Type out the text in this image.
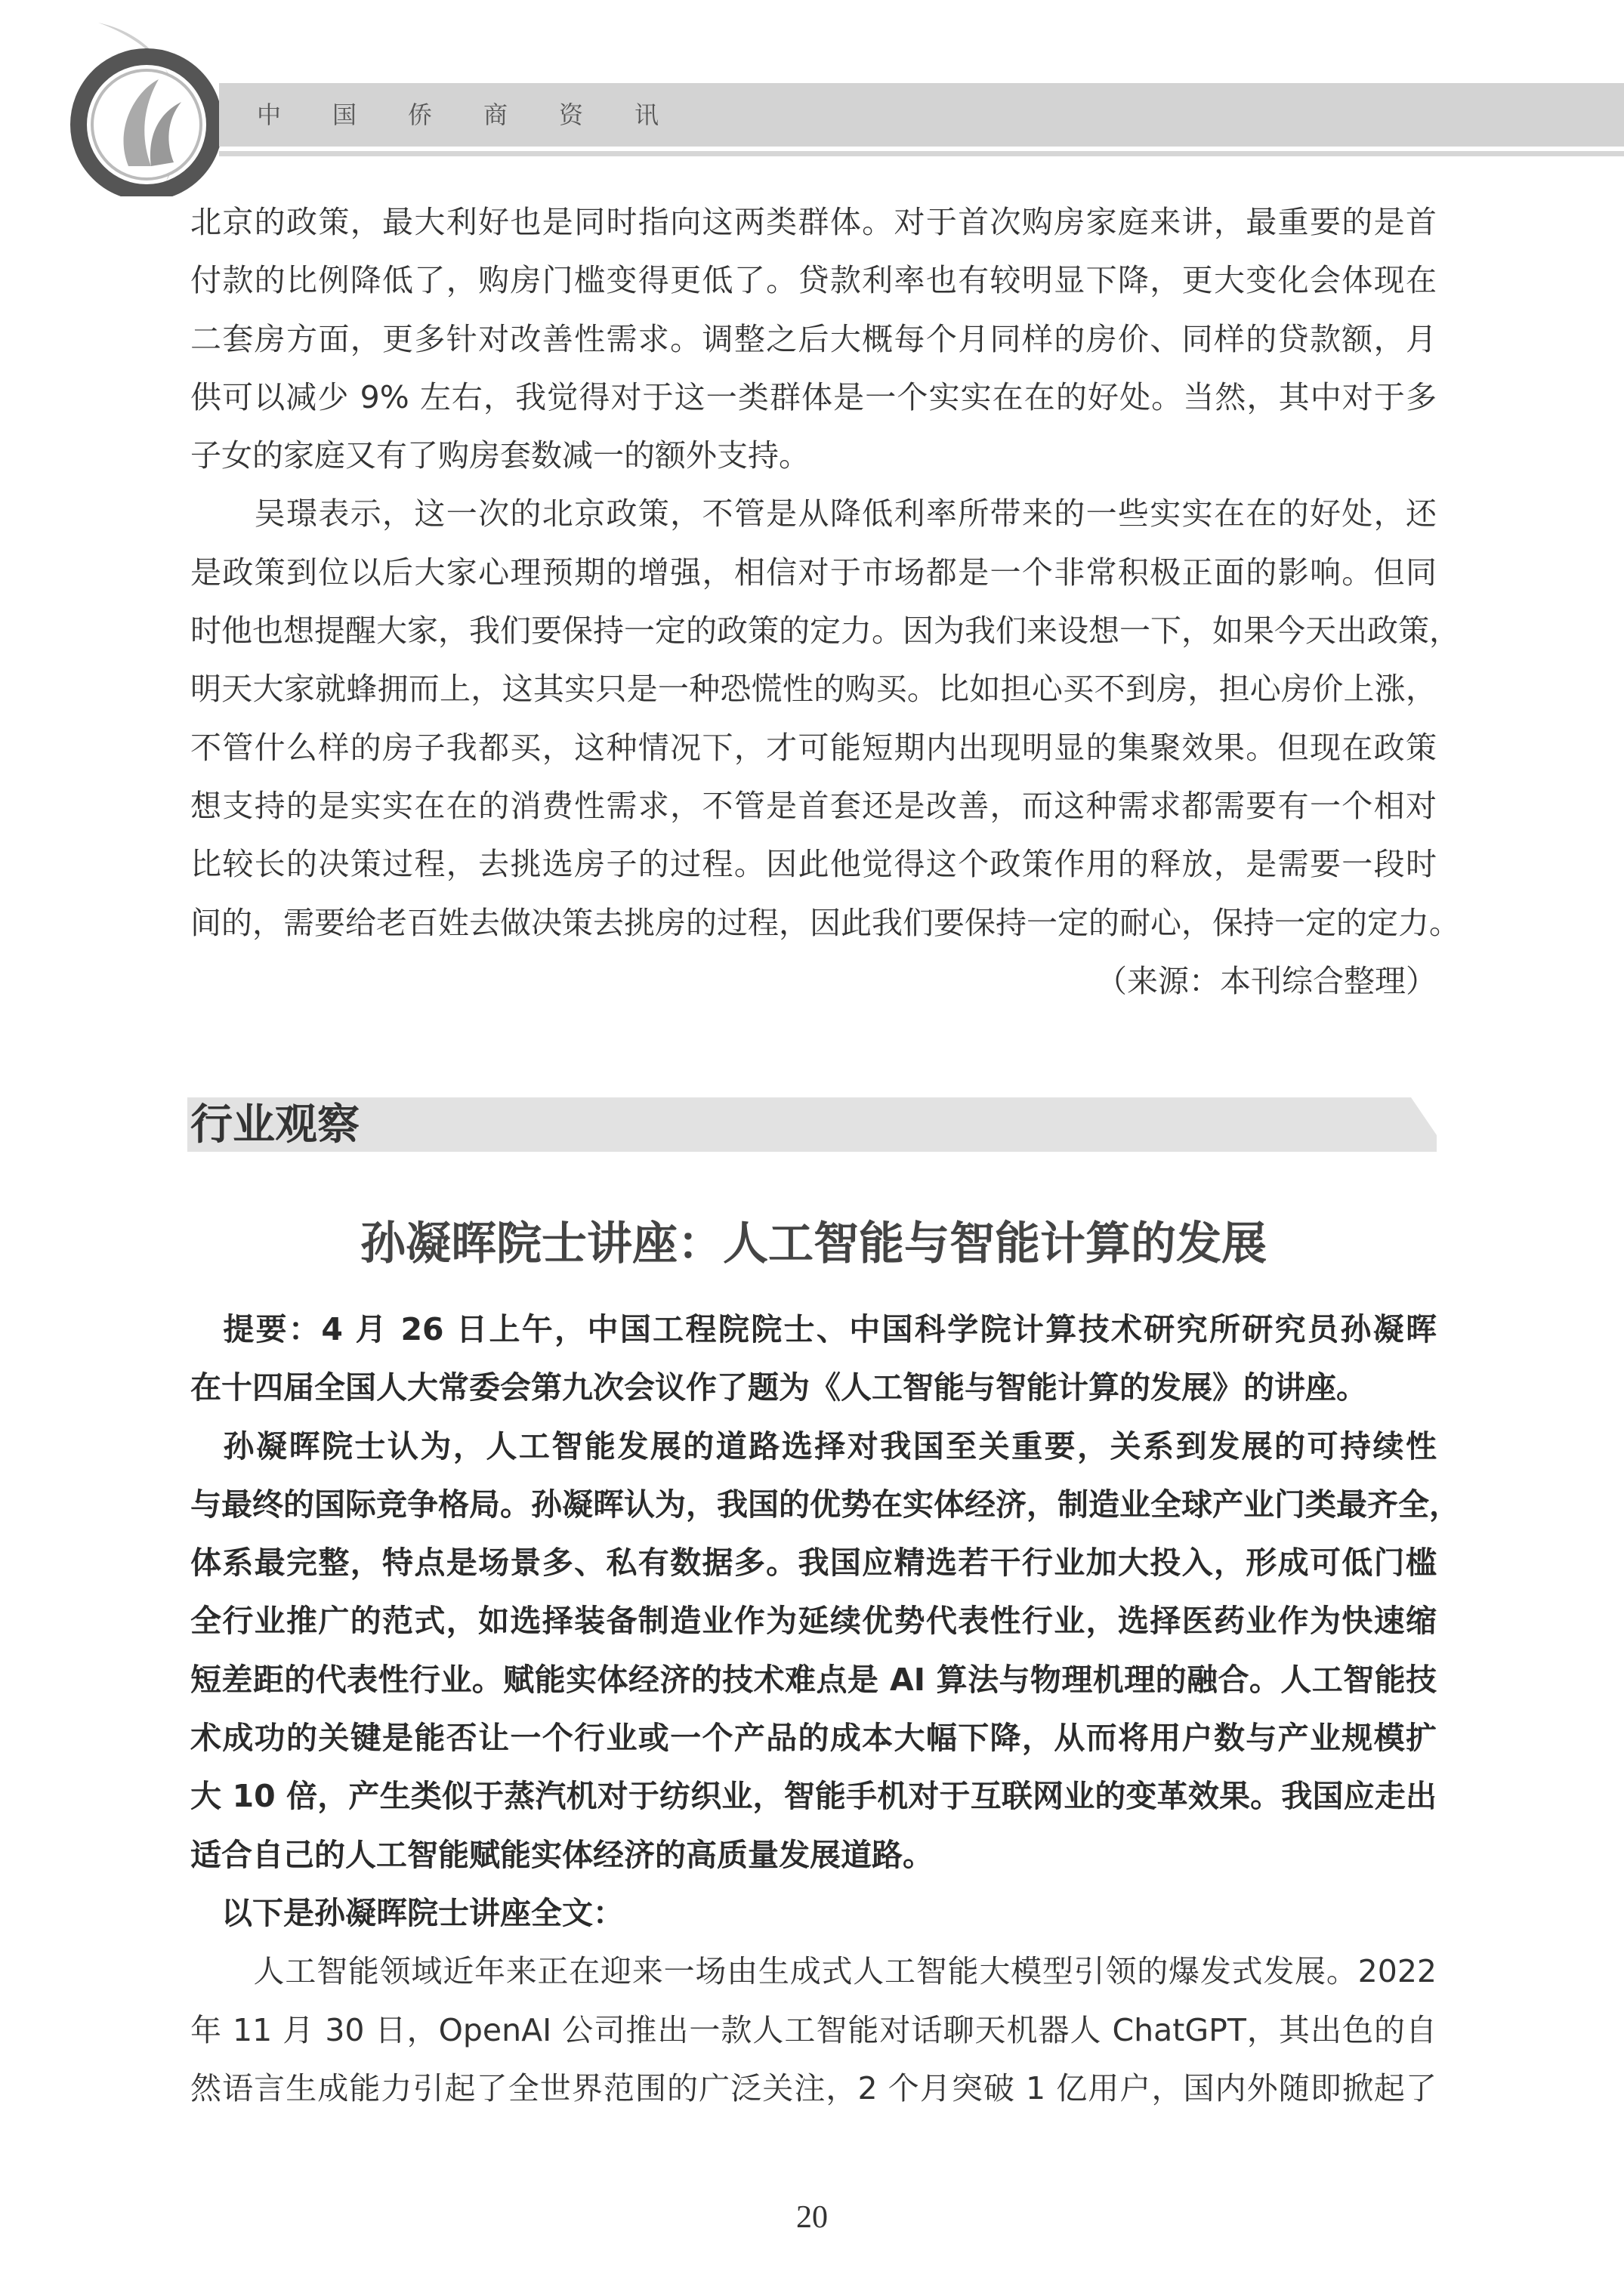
中国侨商资讯
北京的政策，最大利好也是同时指向这两类群体。对于首次购房家庭来讲，最重要的是首
付款的比例降低了，购房门槛变得更低了。贷款利率也有较明显下降，更大变化会体现在
二套房方面，更多针对改善性需求。调整之后大概每个月同样的房价、同样的贷款额，月
供可以减少 9% 左右，我觉得对于这一类群体是一个实实在在的好处。当然，其中对于多
子女的家庭又有了购房套数减一的额外支持。
　　吴璟表示，这一次的北京政策，不管是从降低利率所带来的一些实实在在的好处，还
是政策到位以后大家心理预期的增强，相信对于市场都是一个非常积极正面的影响。但同
时他也想提醒大家，我们要保持一定的政策的定力。因为我们来设想一下，如果今天出政策，
明天大家就蜂拥而上，这其实只是一种恐慌性的购买。比如担心买不到房，担心房价上涨，
不管什么样的房子我都买，这种情况下，才可能短期内出现明显的集聚效果。但现在政策
想支持的是实实在在的消费性需求，不管是首套还是改善，而这种需求都需要有一个相对
比较长的决策过程，去挑选房子的过程。因此他觉得这个政策作用的释放，是需要一段时
间的，需要给老百姓去做决策去挑房的过程，因此我们要保持一定的耐心，保持一定的定力。
（来源：本刊综合整理）
行业观察
孙凝晖院士讲座：人工智能与智能计算的发展
　提要：4 月 26 日上午，中国工程院院士、中国科学院计算技术研究所研究员孙凝晖
在十四届全国人大常委会第九次会议作了题为《人工智能与智能计算的发展》的讲座。
　孙凝晖院士认为，人工智能发展的道路选择对我国至关重要，关系到发展的可持续性
与最终的国际竞争格局。孙凝晖认为，我国的优势在实体经济，制造业全球产业门类最齐全，
体系最完整，特点是场景多、私有数据多。我国应精选若干行业加大投入，形成可低门槛
全行业推广的范式，如选择装备制造业作为延续优势代表性行业，选择医药业作为快速缩
短差距的代表性行业。赋能实体经济的技术难点是 AI 算法与物理机理的融合。人工智能技
术成功的关键是能否让一个行业或一个产品的成本大幅下降，从而将用户数与产业规模扩
大 10 倍，产生类似于蒸汽机对于纺织业，智能手机对于互联网业的变革效果。我国应走出
适合自己的人工智能赋能实体经济的高质量发展道路。
　以下是孙凝晖院士讲座全文：
　　人工智能领域近年来正在迎来一场由生成式人工智能大模型引领的爆发式发展。2022
年 11 月 30 日，OpenAI 公司推出一款人工智能对话聊天机器人 ChatGPT，其出色的自
然语言生成能力引起了全世界范围的广泛关注，2 个月突破 1 亿用户，国内外随即掀起了
20
